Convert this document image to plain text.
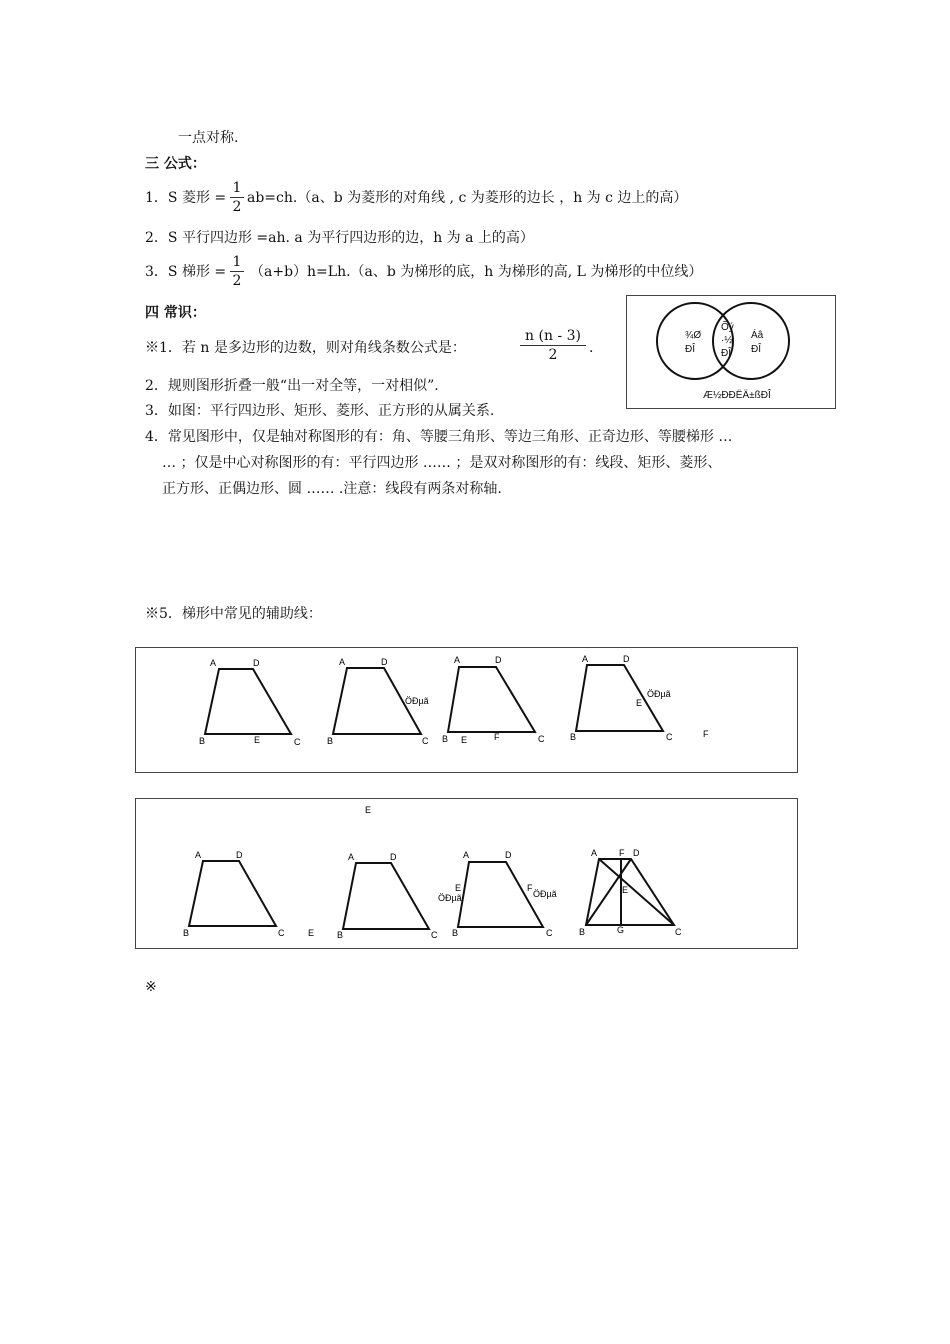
一点对称.
三 公式：
1．S 菱形 =
1
2
ab=ch.（a、b 为菱形的对角线 , c 为菱形的边长 ，h 为 c 边上的高）
2．S 平行四边形 =ah. a 为平行四边形的边，h 为 a 上的高）
3．S 梯形 =
1
2
（a+b）h=Lh.（a、b 为梯形的底，h 为梯形的高, L 为梯形的中位线）
四 常识：
※1．若 n 是多边形的边数，则对角线条数公式是：
n (n - 3)
2	.
2．规则图形折叠一般“出一对全等，一对相似”.
3．如图：平行四边形、矩形、菱形、正方形的从属关系.
4．常见图形中，仅是轴对称图形的有：角、等腰三角形、等边三角形、正奇边形、等腰梯形 …
… ；仅是中心对称图形的有：平行四边形 …… ；是双对称图形的有：线段、矩形、菱形、
正方形、正偶边形、圆 …… .注意：线段有两条对称轴.
※5．梯形中常见的辅助线：
※
¾Ø
ĐÎ
Õý
·½
ĐÎ
Áâ
ĐÎ
Æ½ĐĐËÄ±ßĐÎ
A	D
B	E	C
A	D
ÖĐµã
B	C
A	D
B E	F	C
A	D
ÖĐµã
E
B	C	F
E
A	D
B	C	E
A	D
B	C
A	D
E
ÖĐµã
F
ÖĐµã
B	C
A F D
E
B	G	C
